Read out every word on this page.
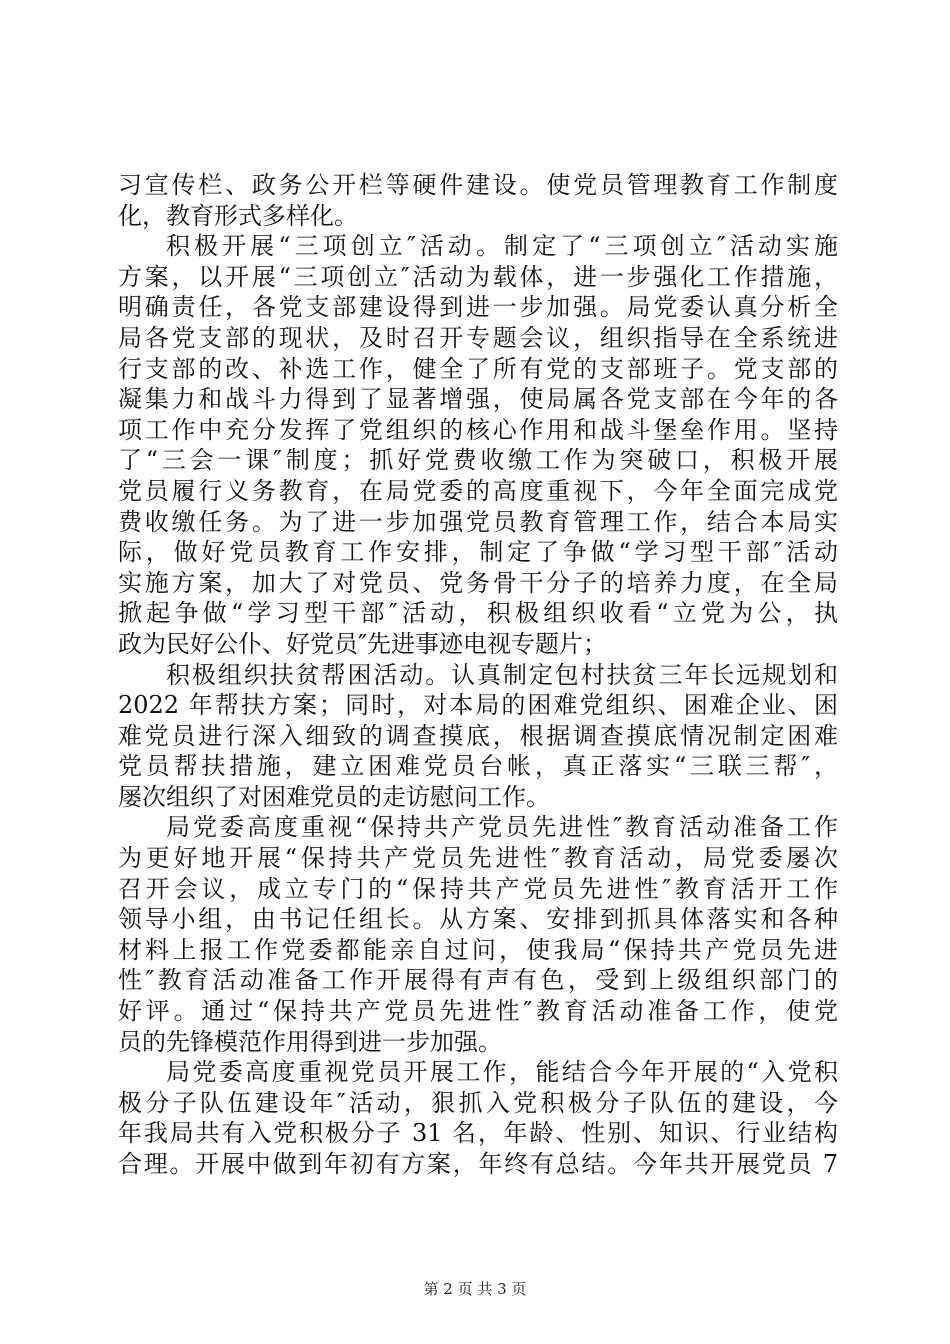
习宣传栏、政务公开栏等硬件建设。使党员管理教育工作制度
化，教育形式多样化。
积极开展“三项创立″活动。制定了“三项创立″活动实施
方案，以开展“三项创立″活动为载体，进一步强化工作措施，
明确责任，各党支部建设得到进一步加强。局党委认真分析全
局各党支部的现状，及时召开专题会议，组织指导在全系统进
行支部的改、补选工作，健全了所有党的支部班子。党支部的
凝集力和战斗力得到了显著增强，使局属各党支部在今年的各
项工作中充分发挥了党组织的核心作用和战斗堡垒作用。坚持
了“三会一课″制度；抓好党费收缴工作为突破口，积极开展
党员履行义务教育，在局党委的高度重视下，今年全面完成党
费收缴任务。为了进一步加强党员教育管理工作，结合本局实
际，做好党员教育工作安排，制定了争做“学习型干部″活动
实施方案，加大了对党员、党务骨干分子的培养力度，在全局
掀起争做“学习型干部″活动，积极组织收看“立党为公，执
政为民好公仆、好党员″先进事迹电视专题片；
积极组织扶贫帮困活动。认真制定包村扶贫三年长远规划和
2022 年帮扶方案；同时，对本局的困难党组织、困难企业、困
难党员进行深入细致的调查摸底，根据调查摸底情况制定困难
党员帮扶措施，建立困难党员台帐，真正落实“三联三帮″，
屡次组织了对困难党员的走访慰问工作。
局党委高度重视“保持共产党员先进性″教育活动准备工作
为更好地开展“保持共产党员先进性″教育活动，局党委屡次
召开会议，成立专门的“保持共产党员先进性″教育活开工作
领导小组，由书记任组长。从方案、安排到抓具体落实和各种
材料上报工作党委都能亲自过问，使我局“保持共产党员先进
性″教育活动准备工作开展得有声有色，受到上级组织部门的
好评。通过“保持共产党员先进性″教育活动准备工作，使党
员的先锋模范作用得到进一步加强。
局党委高度重视党员开展工作，能结合今年开展的“入党积
极分子队伍建设年″活动，狠抓入党积极分子队伍的建设，今
年我局共有入党积极分子 31 名，年龄、性别、知识、行业结构
合理。开展中做到年初有方案，年终有总结。今年共开展党员 7
第 2 页 共 3 页
